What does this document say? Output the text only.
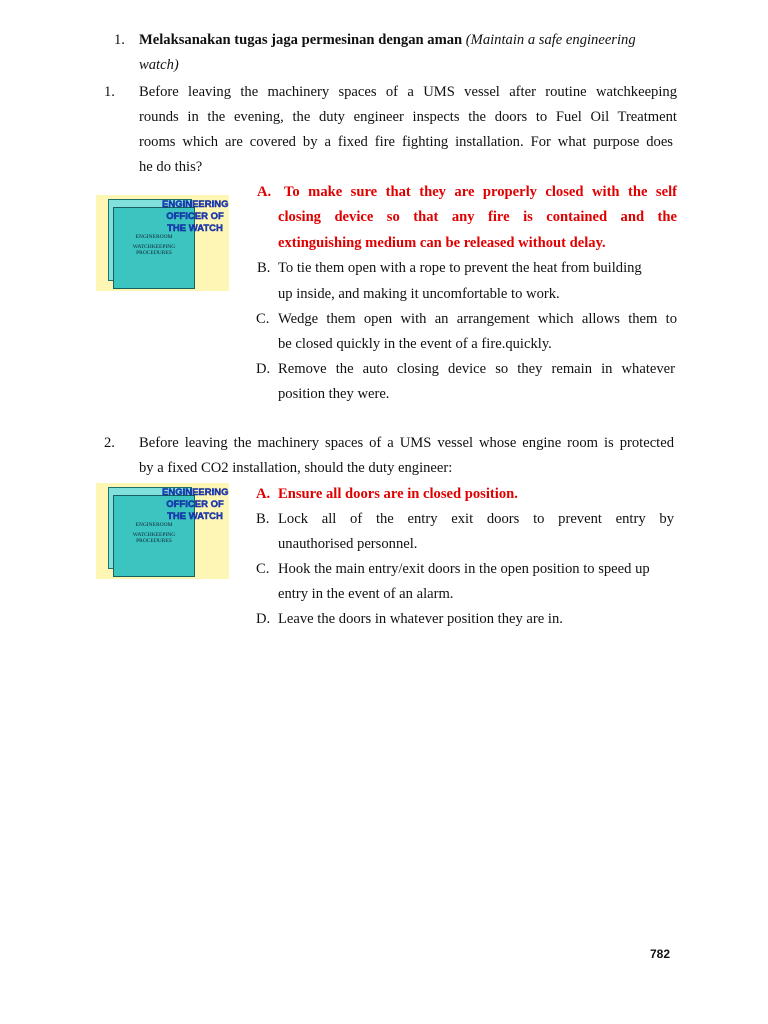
1. Melaksanakan tugas jaga permesinan dengan aman (Maintain a safe engineering
watch)
1. Before leaving the machinery spaces of a UMS vessel after routine watchkeeping
rounds in the evening, the duty engineer inspects the doors to Fuel Oil Treatment
rooms which are covered by a fixed fire fighting installation. For what purpose does
he do this?
ENGINEROOM
WATCHKEEPING
PROCEDURES
ENGINEERING
OFFICER OF
THE WATCH
A. To make sure that they are properly closed with the self
closing device so that any fire is contained and the
extinguishing medium can be released without delay.
B. To tie them open with a rope to prevent the heat from building
up inside, and making it uncomfortable to work.
C. Wedge them open with an arrangement which allows them to
be closed quickly in the event of a fire.quickly.
D. Remove the auto closing device so they remain in whatever
position they were.
2. Before leaving the machinery spaces of a UMS vessel whose engine room is protected
by a fixed CO2 installation, should the duty engineer:
ENGINEROOM
WATCHKEEPING
PROCEDURES
ENGINEERING
OFFICER OF
THE WATCH
A. Ensure all doors are in closed position.
B. Lock all of the entry exit doors to prevent entry by
unauthorised personnel.
C. Hook the main entry/exit doors in the open position to speed up
entry in the event of an alarm.
D. Leave the doors in whatever position they are in.
782
